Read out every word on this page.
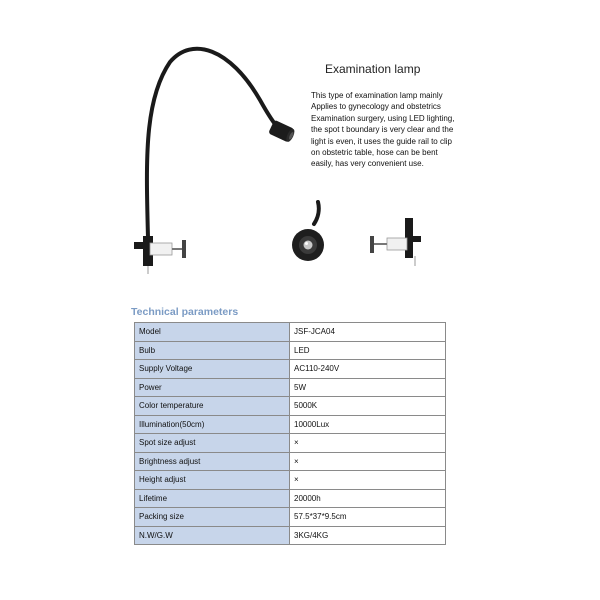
Examination lamp
This type of examination lamp mainly
Applies to gynecology and obstetrics
Examination surgery, using LED lighting,
the spot t boundary is very clear and the
light is even, it uses the guide rail to clip
on obstetric table, hose can be bent
easily, has very convenient use.
Technical parameters
Model	JSF-JCA04
Bulb	LED
Supply Voltage	AC110-240V
Power	5W
Color temperature	5000K
Illumination(50cm)	10000Lux
Spot size adjust	×
Brightness adjust	×
Height adjust	×
Lifetime	20000h
Packing size	57.5*37*9.5cm
N.W/G.W	3KG/4KG
